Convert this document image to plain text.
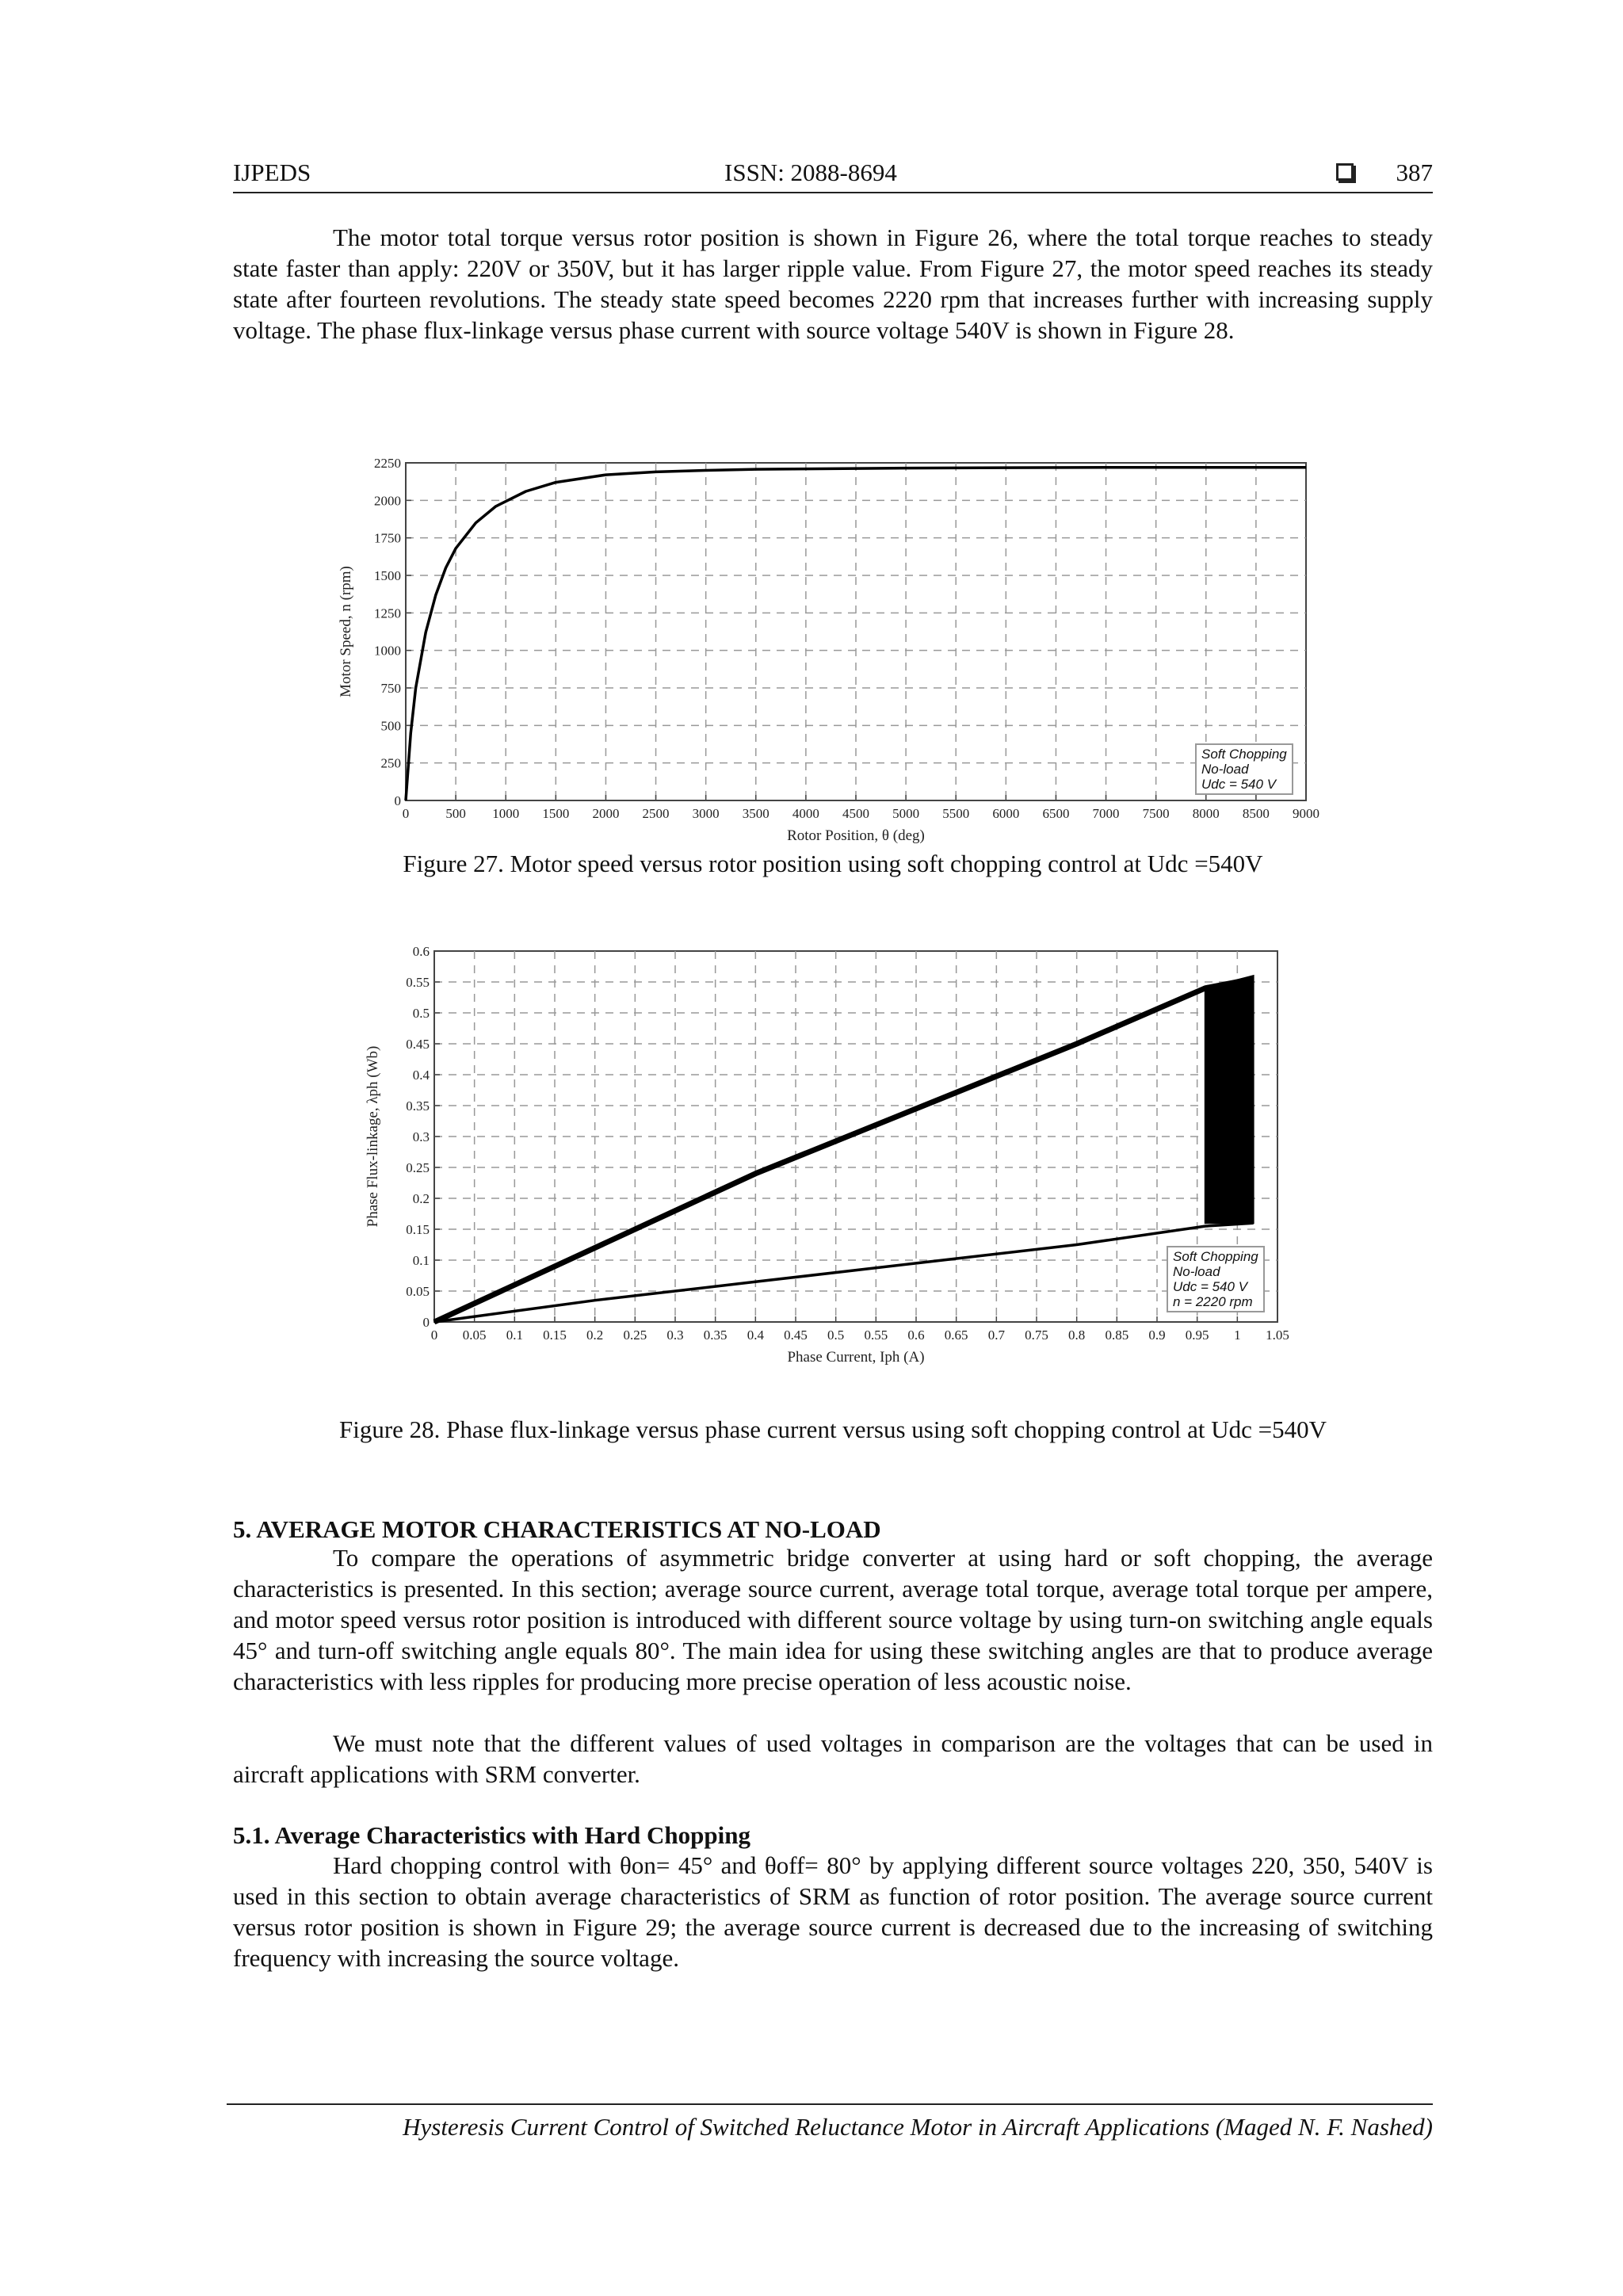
IJPEDS	ISSN: 2088-8694	387

The motor total torque versus rotor position is shown in Figure 26, where the total torque reaches to steady state faster than apply: 220V or 350V, but it has larger ripple value. From Figure 27, the motor speed reaches its steady state after fourteen revolutions. The steady state speed becomes 2220 rpm that increases further with increasing supply voltage. The phase flux-linkage versus phase current with source voltage 540V is shown in Figure 28.

0	500 1000 1500 2000 2500 3000 3500 4000 4500 5000 5500 6000 6500 7000 7500 8000 8500 9000
0
250
500
750
1000
1250
1500
1750
2000
2250
Rotor Position, θ (deg)
Motor Speed, n (rpm)
Soft Chopping
No-load
Udc = 540 V
Figure 27. Motor speed versus rotor position using soft chopping control at Udc =540V
0 0.05 0.1 0.15 0.2 0.25 0.3 0.35 0.4 0.45 0.5 0.55 0.6 0.65 0.7 0.75 0.8 0.85 0.9 0.95 1 1.05
0
0.05
0.1
0.15
0.2
0.25
0.3
0.35
0.4
0.45
0.5
0.55
0.6
Phase Current, Iph (A)
Phase Flux-linkage, λph (Wb)
Soft Chopping
No-load
Udc = 540 V
n = 2220 rpm
Figure 28. Phase flux-linkage versus phase current versus using soft chopping control at Udc =540V
5. AVERAGE MOTOR CHARACTERISTICS AT NO-LOAD

To compare the operations of asymmetric bridge converter at using hard or soft chopping, the average characteristics is presented. In this section; average source current, average total torque, average total torque per ampere, and motor speed versus rotor position is introduced with different source voltage by using turn-on switching angle equals 45° and turn-off switching angle equals 80°. The main idea for using these switching angles are that to produce average characteristics with less ripples for producing more precise operation of less acoustic noise.

We must note that the different values of used voltages in comparison are the voltages that can be used in aircraft applications with SRM converter.

5.1. Average Characteristics with Hard Chopping

Hard chopping control with θon= 45° and θoff= 80° by applying different source voltages 220, 350, 540V is used in this section to obtain average characteristics of SRM as function of rotor position. The average source current versus rotor position is shown in Figure 29; the average source current is decreased due to the increasing of switching frequency with increasing the source voltage.

Hysteresis Current Control of Switched Reluctance Motor in Aircraft Applications (Maged N. F. Nashed)
